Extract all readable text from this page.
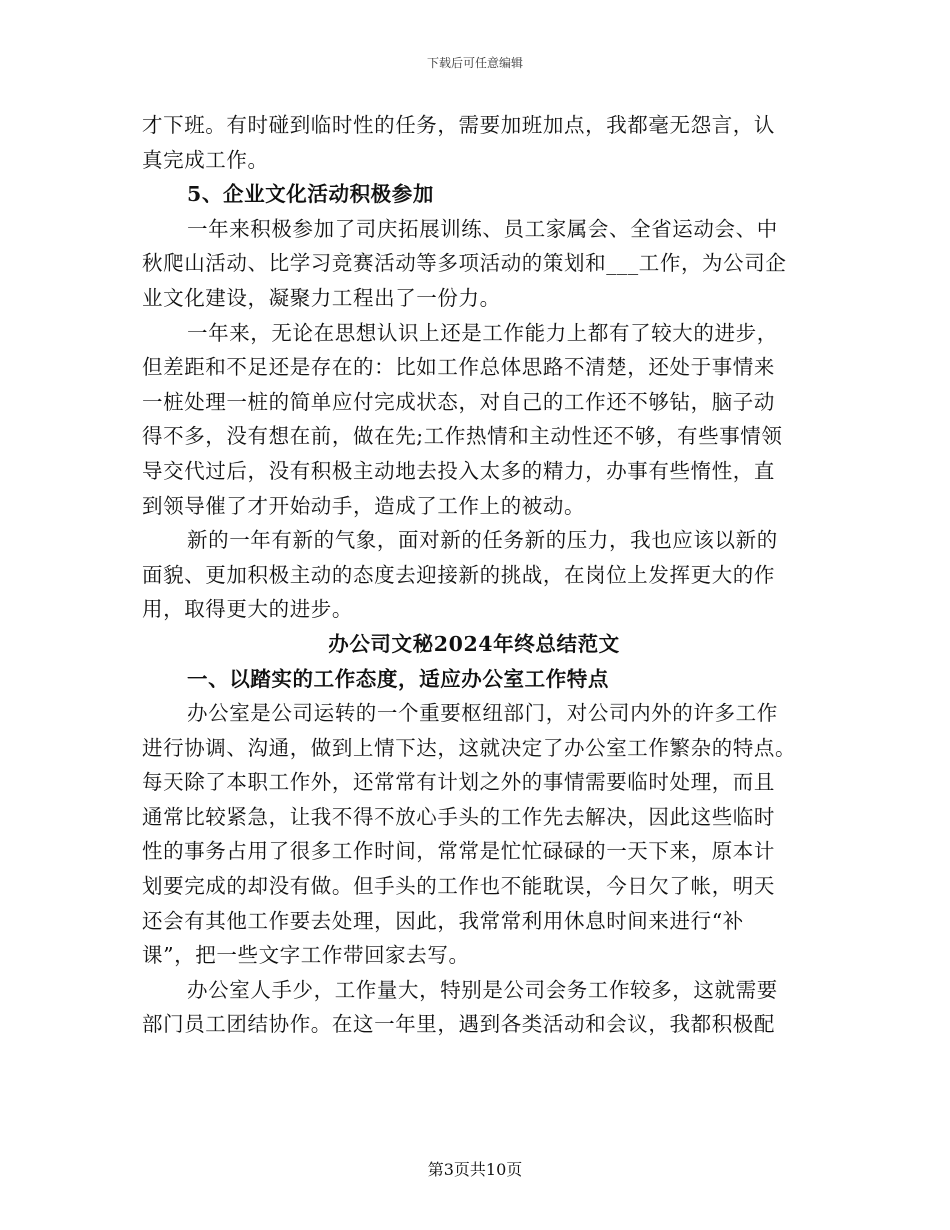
下载后可任意编辑
才下班。有时碰到临时性的任务，需要加班加点，我都毫无怨言，认
真完成工作。
5、企业文化活动积极参加
一年来积极参加了司庆拓展训练、员工家属会、全省运动会、中
秋爬山活动、比学习竞赛活动等多项活动的策划和___工作，为公司企
业文化建设，凝聚力工程出了一份力。
一年来，无论在思想认识上还是工作能力上都有了较大的进步，
但差距和不足还是存在的：比如工作总体思路不清楚，还处于事情来
一桩处理一桩的简单应付完成状态，对自己的工作还不够钻，脑子动
得不多，没有想在前，做在先;工作热情和主动性还不够，有些事情领
导交代过后，没有积极主动地去投入太多的精力，办事有些惰性，直
到领导催了才开始动手，造成了工作上的被动。
新的一年有新的气象，面对新的任务新的压力，我也应该以新的
面貌、更加积极主动的态度去迎接新的挑战，在岗位上发挥更大的作
用，取得更大的进步。
办公司文秘2024年终总结范文
一、以踏实的工作态度，适应办公室工作特点
办公室是公司运转的一个重要枢纽部门，对公司内外的许多工作
进行协调、沟通，做到上情下达，这就决定了办公室工作繁杂的特点。
每天除了本职工作外，还常常有计划之外的事情需要临时处理，而且
通常比较紧急，让我不得不放心手头的工作先去解决，因此这些临时
性的事务占用了很多工作时间，常常是忙忙碌碌的一天下来，原本计
划要完成的却没有做。但手头的工作也不能耽误，今日欠了帐，明天
还会有其他工作要去处理，因此，我常常利用休息时间来进行“补
课”，把一些文字工作带回家去写。
办公室人手少，工作量大，特别是公司会务工作较多，这就需要
部门员工团结协作。在这一年里，遇到各类活动和会议，我都积极配
第3页共10页
